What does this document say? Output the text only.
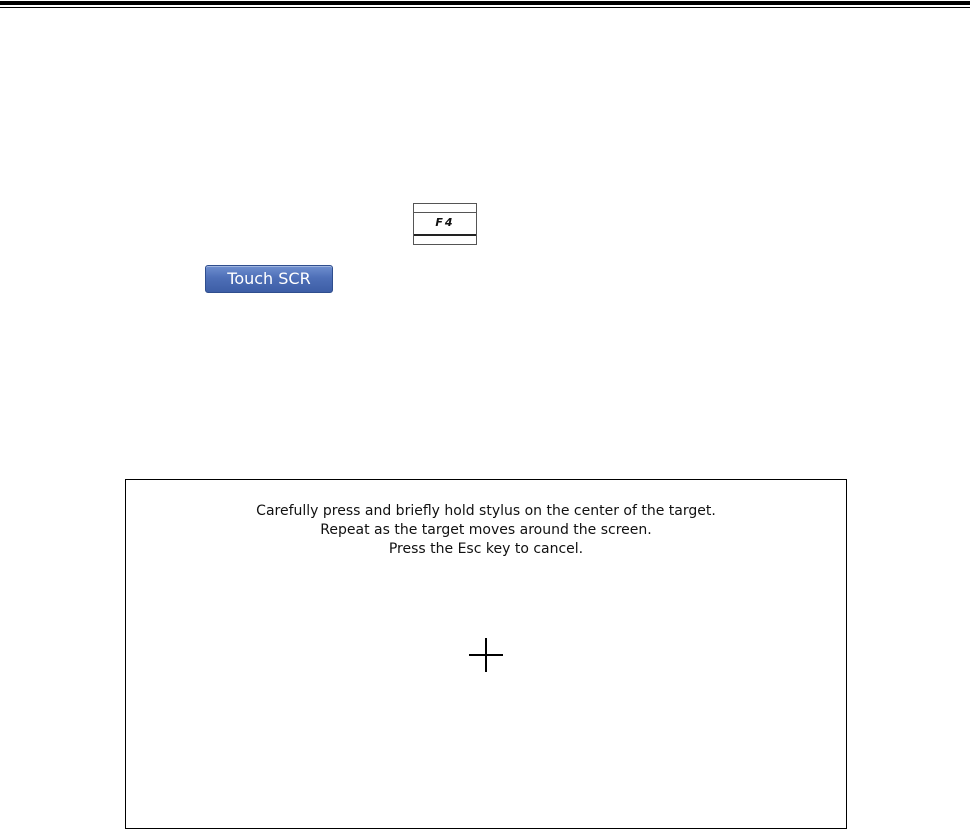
F4
Touch SCR
Carefully press and briefly hold stylus on the center of the target.
Repeat as the target moves around the screen.
Press the Esc key to cancel.
